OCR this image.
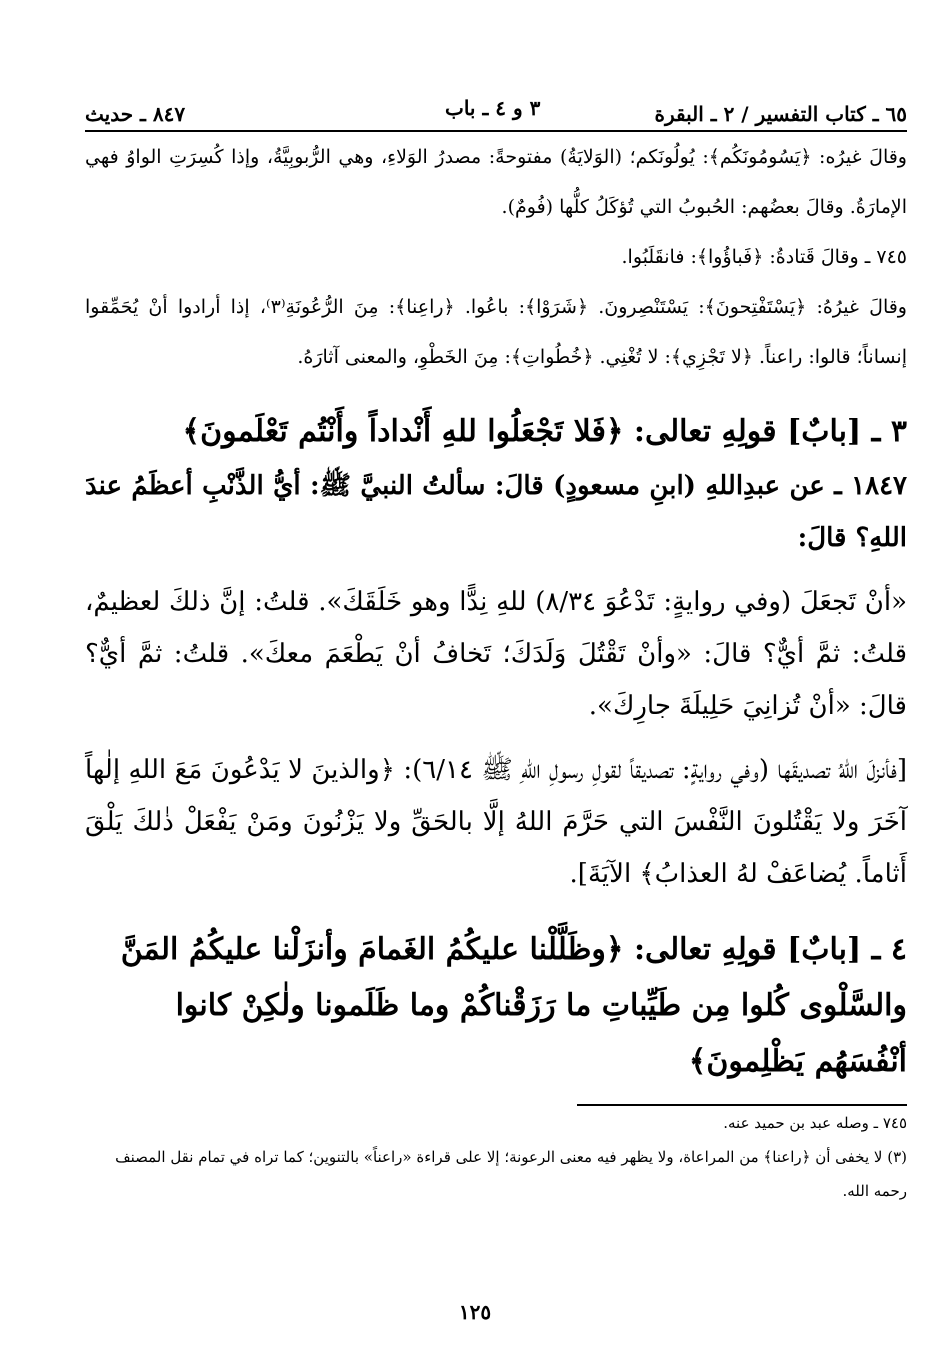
٦٥ ـ كتاب التفسير / ٢ ـ البقرة
٨٤٧ ـ حديث	٣ و ٤ ـ باب

وقالَ غيرُه: ﴿يَسُومُونَكُم﴾: يُولُونَكم؛ (الوَلايَةُ) مفتوحةً: مصدرُ الوَلاءِ، وهي الرُّبوبِيَّةُ، وإذا كُسِرَتِ الواوُ فهي الإمارَةُ. وقالَ بعضُهم: الحُبوبُ التي تُؤكَلُ كلُّها (فُومٌ).

٧٤٥ ـ وقالَ قَتادةُ: ﴿فَباؤُوا﴾: فانقَلَبُوا.

وقالَ غيرُهُ: ﴿يَسْتَفْتِحونَ﴾: يَسْتَنْصِرونَ. ﴿شَرَوْا﴾: باعُوا. ﴿راعِنا﴾: مِنَ الرُّعُونَةِ⁽٣⁾، إذا أرادوا أنْ يُحَمِّقوا إنساناً؛ قالوا: راعناً. ﴿لا تَجْزِي﴾: لا تُغْنِي. ﴿خُطُواتِ﴾: مِنَ الخَطْوِ، والمعنى آثارَهُ.

٣ ـ [بابٌ] قولِهِ تعالى: ﴿فَلا تَجْعَلُوا للهِ أَنْداداً وأَنْتُم تَعْلَمونَ﴾

١٨٤٧ ـ عن عبدِاللهِ (ابنِ مسعودٍ) قالَ: سألتُ النبيَّ ﷺ: أيُّ الذَّنْبِ أعظَمُ عندَ اللهِ؟ قالَ:

«أنْ تَجعَلَ (وفي روايةٍ: تَدْعُوَ ٨/٣٤) للهِ نِدًّا وهو خَلَقَكَ». قلتُ: إنَّ ذلكَ لعظيمٌ، قلتُ: ثمَّ أيٌّ؟ قالَ: «وأنْ تَقْتُلَ وَلَدَكَ؛ تَخافُ أنْ يَطْعَمَ معكَ». قلتُ: ثمَّ أيٌّ؟ قالَ: «أنْ تُزانِيَ حَلِيلَةَ جارِكَ».

[فأنزلَ اللهُ تصديقَها (وفي روايةٍ: تصديقاً لقولِ رسولِ اللهِ ﷺ ٦/١٤): ﴿والذينَ لا يَدْعُونَ مَعَ اللهِ إلٰهاً آخَرَ ولا يَقْتُلونَ النَّفْسَ التي حَرَّمَ اللهُ إلَّا بالحَقِّ ولا يَزْنُونَ ومَنْ يَفْعَلْ ذٰلكَ يَلْقَ أَثاماً. يُضاعَفْ لهُ العذابُ﴾ الآيَةَ].

٤ ـ [بابٌ] قولِهِ تعالى: ﴿وظَلَّلْنا عليكُمُ الغَمامَ وأنزَلْنا عليكُمُ المَنَّ والسَّلْوى كُلوا مِن طَيِّباتِ ما رَزَقْناكُمْ وما ظَلَمونا ولٰكِنْ كانوا أنْفُسَهُم يَظْلِمونَ﴾

٧٤٥ ـ وصله عبد بن حميد عنه.

(٣) لا يخفى أن ﴿راعنا﴾ من المراعاة، ولا يظهر فيه معنى الرعونة؛ إلا على قراءة «راعناً» بالتنوين؛ كما تراه في تمام نقل المصنف رحمه الله.

١٢٥
